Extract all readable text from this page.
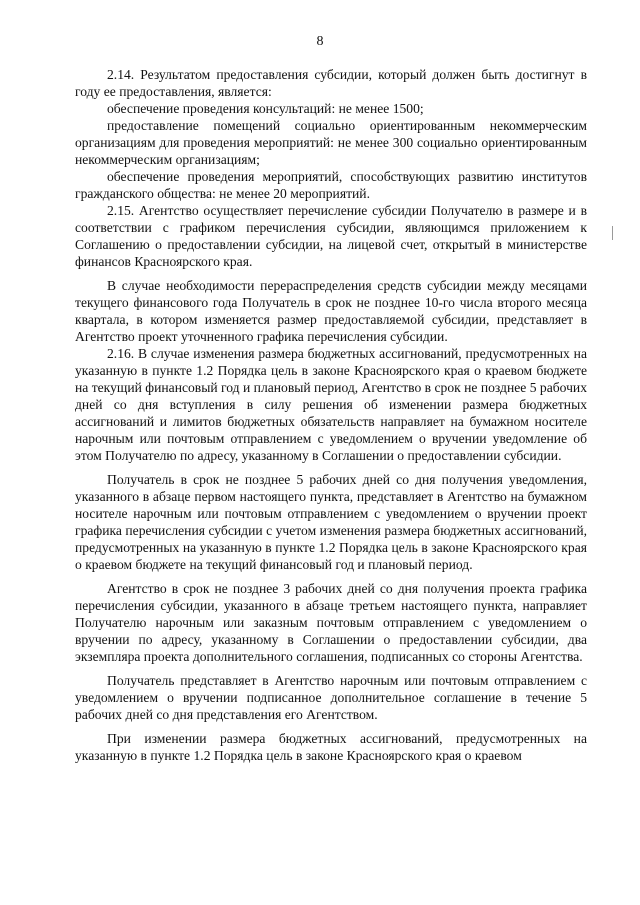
8

2.14. Результатом предоставления субсидии, который должен быть достигнут в году ее предоставления, является:

обеспечение проведения консультаций: не менее 1500;

предоставление помещений социально ориентированным некоммерческим организациям для проведения мероприятий: не менее 300 социально ориентированным некоммерческим организациям;

обеспечение проведения мероприятий, способствующих развитию институтов гражданского общества: не менее 20 мероприятий.

2.15. Агентство осуществляет перечисление субсидии Получателю в размере и в соответствии с графиком перечисления субсидии, являющимся приложением к Соглашению о предоставлении субсидии, на лицевой счет, открытый в министерстве финансов Красноярского края.

В случае необходимости перераспределения средств субсидии между месяцами текущего финансового года Получатель в срок не позднее 10-го числа второго месяца квартала, в котором изменяется размер предоставляемой субсидии, представляет в Агентство проект уточненного графика перечисления субсидии.

2.16. В случае изменения размера бюджетных ассигнований, предусмотренных на указанную в пункте 1.2 Порядка цель в законе Красноярского края о краевом бюджете на текущий финансовый год и плановый период, Агентство в срок не позднее 5 рабочих дней со дня вступления в силу решения об изменении размера бюджетных ассигнований и лимитов бюджетных обязательств направляет на бумажном носителе нарочным или почтовым отправлением с уведомлением о вручении уведомление об этом Получателю по адресу, указанному в Соглашении о предоставлении субсидии.

Получатель в срок не позднее 5 рабочих дней со дня получения уведомления, указанного в абзаце первом настоящего пункта, представляет в Агентство на бумажном носителе нарочным или почтовым отправлением с уведомлением о вручении проект графика перечисления субсидии с учетом изменения размера бюджетных ассигнований, предусмотренных на указанную в пункте 1.2 Порядка цель в законе Красноярского края о краевом бюджете на текущий финансовый год и плановый период.

Агентство в срок не позднее 3 рабочих дней со дня получения проекта графика перечисления субсидии, указанного в абзаце третьем настоящего пункта, направляет Получателю нарочным или заказным почтовым отправлением с уведомлением о вручении по адресу, указанному в Соглашении о предоставлении субсидии, два экземпляра проекта дополнительного соглашения, подписанных со стороны Агентства.

Получатель представляет в Агентство нарочным или почтовым отправлением с уведомлением о вручении подписанное дополнительное соглашение в течение 5 рабочих дней со дня представления его Агентством.

При изменении размера бюджетных ассигнований, предусмотренных на указанную в пункте 1.2 Порядка цель в законе Красноярского края о краевом
